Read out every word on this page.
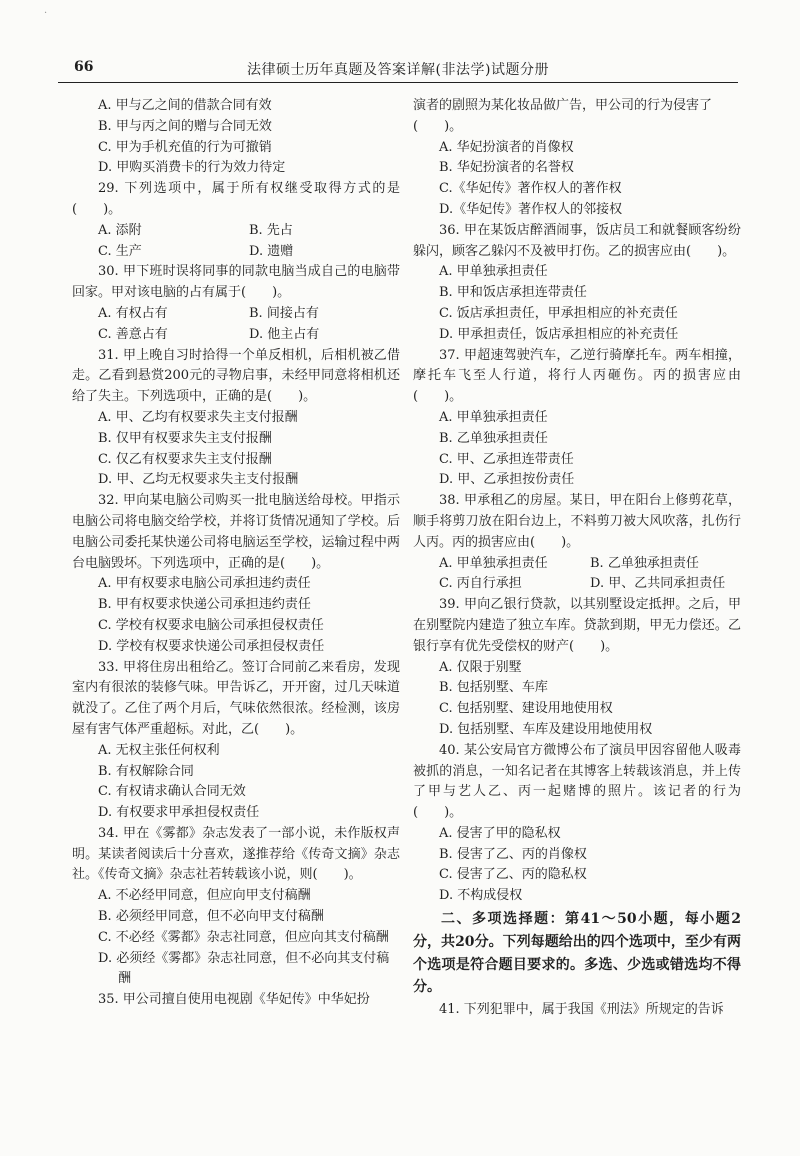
·
66	法律硕士历年真题及答案详解(非法学)试题分册

A. 甲与乙之间的借款合同有效

B. 甲与丙之间的赠与合同无效

C. 甲为手机充值的行为可撤销

D. 甲购买消费卡的行为效力待定

29. 下列选项中，属于所有权继受取得方式的是(　　)。

A. 添附	B. 先占
C. 生产	D. 遗赠

30. 甲下班时误将同事的同款电脑当成自己的电脑带回家。甲对该电脑的占有属于(　　)。

A. 有权占有	B. 间接占有
C. 善意占有	D. 他主占有

31. 甲上晚自习时拾得一个单反相机，后相机被乙借走。乙看到悬赏200元的寻物启事，未经甲同意将相机还给了失主。下列选项中，正确的是(　　)。

A. 甲、乙均有权要求失主支付报酬

B. 仅甲有权要求失主支付报酬

C. 仅乙有权要求失主支付报酬

D. 甲、乙均无权要求失主支付报酬

32. 甲向某电脑公司购买一批电脑送给母校。甲指示电脑公司将电脑交给学校，并将订货情况通知了学校。后电脑公司委托某快递公司将电脑运至学校，运输过程中两台电脑毁坏。下列选项中，正确的是(　　)。

A. 甲有权要求电脑公司承担违约责任

B. 甲有权要求快递公司承担违约责任

C. 学校有权要求电脑公司承担侵权责任

D. 学校有权要求快递公司承担侵权责任

33. 甲将住房出租给乙。签订合同前乙来看房，发现室内有很浓的装修气味。甲告诉乙，开开窗，过几天味道就没了。乙住了两个月后，气味依然很浓。经检测，该房屋有害气体严重超标。对此，乙(　　)。

A. 无权主张任何权利

B. 有权解除合同

C. 有权请求确认合同无效

D. 有权要求甲承担侵权责任

34. 甲在《雾都》杂志发表了一部小说，未作版权声明。某读者阅读后十分喜欢，遂推荐给《传奇文摘》杂志社。《传奇文摘》杂志社若转载该小说，则(　　)。

A. 不必经甲同意，但应向甲支付稿酬

B. 必须经甲同意，但不必向甲支付稿酬

C. 不必经《雾都》杂志社同意，但应向其支付稿酬

D. 必须经《雾都》杂志社同意，但不必向其支付稿酬

35. 甲公司擅自使用电视剧《华妃传》中华妃扮

演者的剧照为某化妆品做广告，甲公司的行为侵害了(　　)。

A. 华妃扮演者的肖像权

B. 华妃扮演者的名誉权

C.《华妃传》著作权人的著作权

D.《华妃传》著作权人的邻接权

36. 甲在某饭店醉酒闹事，饭店员工和就餐顾客纷纷躲闪，顾客乙躲闪不及被甲打伤。乙的损害应由(　　)。

A. 甲单独承担责任

B. 甲和饭店承担连带责任

C. 饭店承担责任，甲承担相应的补充责任

D. 甲承担责任，饭店承担相应的补充责任

37. 甲超速驾驶汽车，乙逆行骑摩托车。两车相撞，摩托车飞至人行道，将行人丙砸伤。丙的损害应由(　　)。

A. 甲单独承担责任

B. 乙单独承担责任

C. 甲、乙承担连带责任

D. 甲、乙承担按份责任

38. 甲承租乙的房屋。某日，甲在阳台上修剪花草，顺手将剪刀放在阳台边上，不料剪刀被大风吹落，扎伤行人丙。丙的损害应由(　　)。

A. 甲单独承担责任	B. 乙单独承担责任
C. 丙自行承担	D. 甲、乙共同承担责任

39. 甲向乙银行贷款，以其别墅设定抵押。之后，甲在别墅院内建造了独立车库。贷款到期，甲无力偿还。乙银行享有优先受偿权的财产(　　)。

A. 仅限于别墅

B. 包括别墅、车库

C. 包括别墅、建设用地使用权

D. 包括别墅、车库及建设用地使用权

40. 某公安局官方微博公布了演员甲因容留他人吸毒被抓的消息，一知名记者在其博客上转载该消息，并上传了甲与艺人乙、丙一起赌博的照片。该记者的行为(　　)。

A. 侵害了甲的隐私权

B. 侵害了乙、丙的肖像权

C. 侵害了乙、丙的隐私权

D. 不构成侵权

二、多项选择题：第41～50小题，每小题2分，共20分。下列每题给出的四个选项中，至少有两个选项是符合题目要求的。多选、少选或错选均不得分。

41. 下列犯罪中，属于我国《刑法》所规定的告诉
